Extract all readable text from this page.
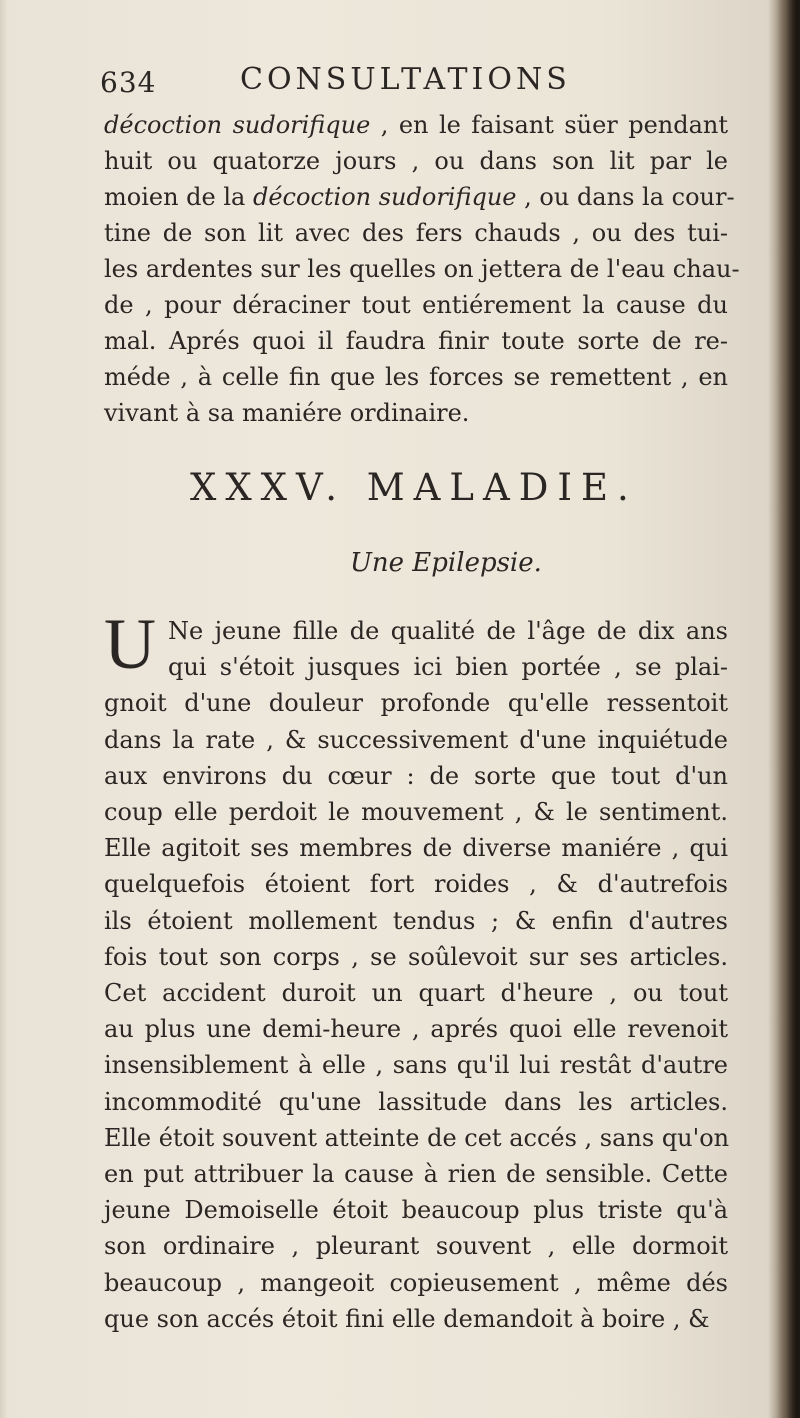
634	CONSULTATIONS
décoction sudorifique , en le faisant süer pendant
huit ou quatorze jours , ou dans son lit par le
moien de la décoction sudorifique , ou dans la cour-
tine de son lit avec des fers chauds , ou des tui-
les ardentes sur les quelles on jettera de l'eau chau-
de , pour déraciner tout entiérement la cause du
mal. Aprés quoi il faudra finir toute sorte de re-
méde , à celle fin que les forces se remettent , en
vivant à sa maniére ordinaire.
XXXV. MALADIE.
Une Epilepsie.
U Ne jeune fille de qualité de l'âge de dix ans
qui s'étoit jusques ici bien portée , se plai-
gnoit d'une douleur profonde qu'elle ressentoit
dans la rate , & successivement d'une inquiétude
aux environs du cœur : de sorte que tout d'un
coup elle perdoit le mouvement , & le sentiment.
Elle agitoit ses membres de diverse maniére , qui
quelquefois étoient fort roides , & d'autrefois
ils étoient mollement tendus ; & enfin d'autres
fois tout son corps , se soûlevoit sur ses articles.
Cet accident duroit un quart d'heure , ou tout
au plus une demi-heure , aprés quoi elle revenoit
insensiblement à elle , sans qu'il lui restât d'autre
incommodité qu'une lassitude dans les articles.
Elle étoit souvent atteinte de cet accés , sans qu'on
en put attribuer la cause à rien de sensible. Cette
jeune Demoiselle étoit beaucoup plus triste qu'à
son ordinaire , pleurant souvent , elle dormoit
beaucoup , mangeoit copieusement , même dés
que son accés étoit fini elle demandoit à boire , &
